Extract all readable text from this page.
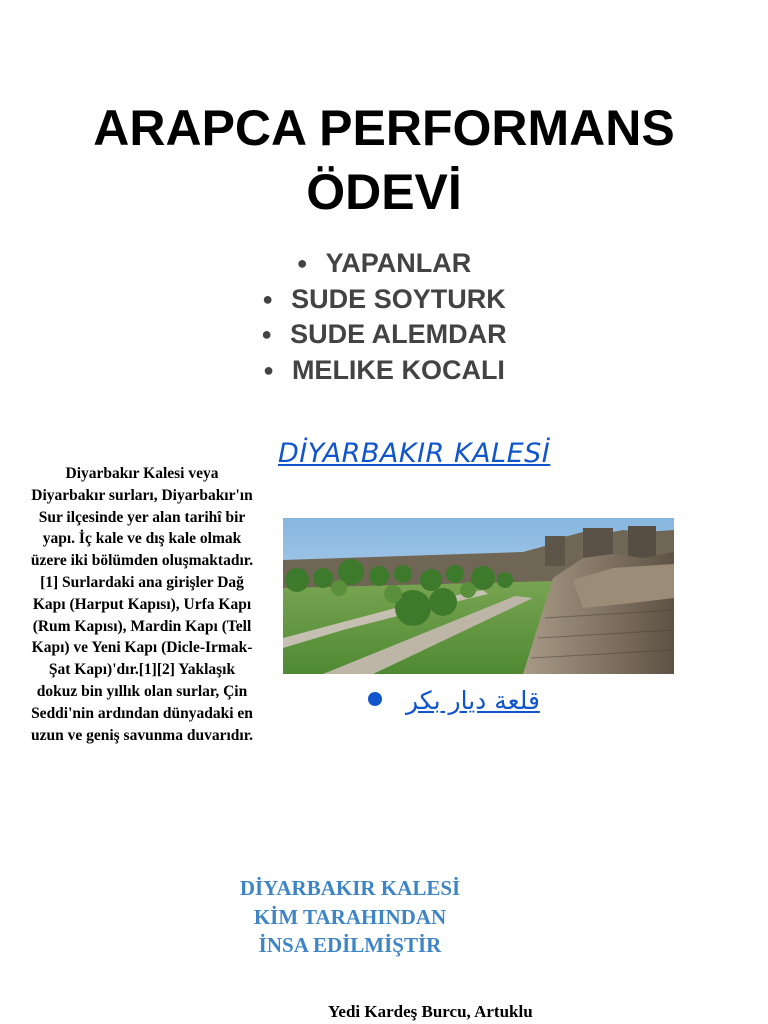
ARAPCA PERFORMANS
ÖDEVİ
● YAPANLAR
● SUDE SOYTURK
● SUDE ALEMDAR
● MELIKE KOCALI
DİYARBAKIR KALESİ

Diyarbakır Kalesi veya Diyarbakır surları, Diyarbakır'ın Sur ilçesinde yer alan tarihî bir yapı. İç kale ve dış kale olmak üzere iki bölümden oluşmaktadır.[1] Surlardaki ana girişler Dağ Kapı (Harput Kapısı), Urfa Kapı (Rum Kapısı), Mardin Kapı (Tell Kapı) ve Yeni Kapı (Dicle-Irmak-Şat Kapı)'dır.[1][2] Yaklaşık dokuz bin yıllık olan surlar, Çin Seddi'nin ardından dünyadaki en uzun ve geniş savunma duvarıdır.

قلعة ديار بكر
DİYARBAKIR KALESİ
KİM TARAHINDAN
İNSA EDİLMİŞTİR

Yedi Kardeş Burcu, Artuklu
